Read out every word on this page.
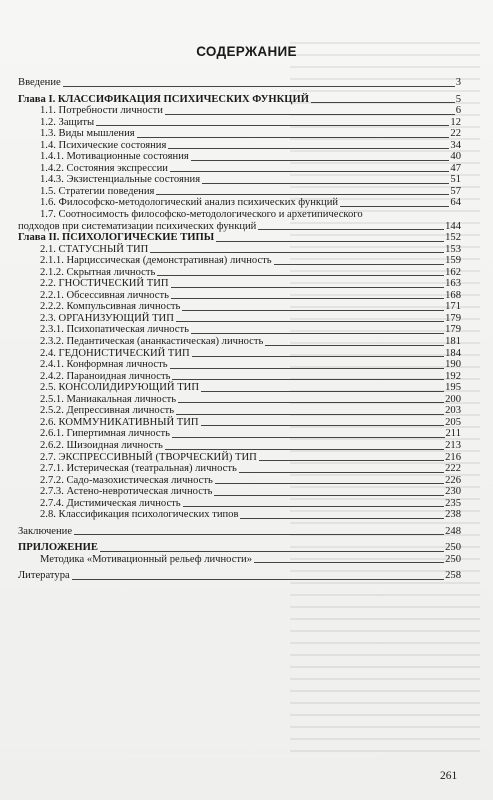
СОДЕРЖАНИЕ
Введение	3
Глава I. КЛАССИФИКАЦИЯ ПСИХИЧЕСКИХ ФУНКЦИЙ	5
1.1. Потребности личности	6
1.2. Защиты	12
1.3. Виды мышления	22
1.4. Психические состояния	34
1.4.1. Мотивационные состояния	40
1.4.2. Состояния экспрессии	47
1.4.3. Экзистенциальные состояния	51
1.5. Стратегии поведения	57
1.6. Философско-методологический анализ психических функций	64
1.7. Соотносимость философско-методологического и архетипического
подходов при систематизации психических функций	144
Глава II. ПСИХОЛОГИЧЕСКИЕ ТИПЫ	152
2.1. СТАТУСНЫЙ ТИП	153
2.1.1. Нарциссическая (демонстративная) личность	159
2.1.2. Скрытная личность	162
2.2. ГНОСТИЧЕСКИЙ ТИП	163
2.2.1. Обсессивная личность	168
2.2.2. Компульсивная личность	171
2.3. ОРГАНИЗУЮЩИЙ ТИП	179
2.3.1. Психопатическая личность	179
2.3.2. Педантическая (ананкастическая) личность	181
2.4. ГЕДОНИСТИЧЕСКИЙ ТИП	184
2.4.1. Конформная личность	190
2.4.2. Параноидная личность	192
2.5. КОНСОЛИДИРУЮЩИЙ ТИП	195
2.5.1. Маниакальная личность	200
2.5.2. Депрессивная личность	203
2.6. КОММУНИКАТИВНЫЙ ТИП	205
2.6.1. Гипертимная личность	211
2.6.2. Шизоидная личность	213
2.7. ЭКСПРЕССИВНЫЙ (ТВОРЧЕСКИЙ) ТИП	216
2.7.1. Истерическая (театральная) личность	222
2.7.2. Садо-мазохистическая личность	226
2.7.3. Астено-невротическая личность	230
2.7.4. Дистимическая личность	235
2.8. Классификация психологических типов	238
Заключение	248
ПРИЛОЖЕНИЕ	250
Методика «Мотивационный рельеф личности»	250
Литература	258
261
